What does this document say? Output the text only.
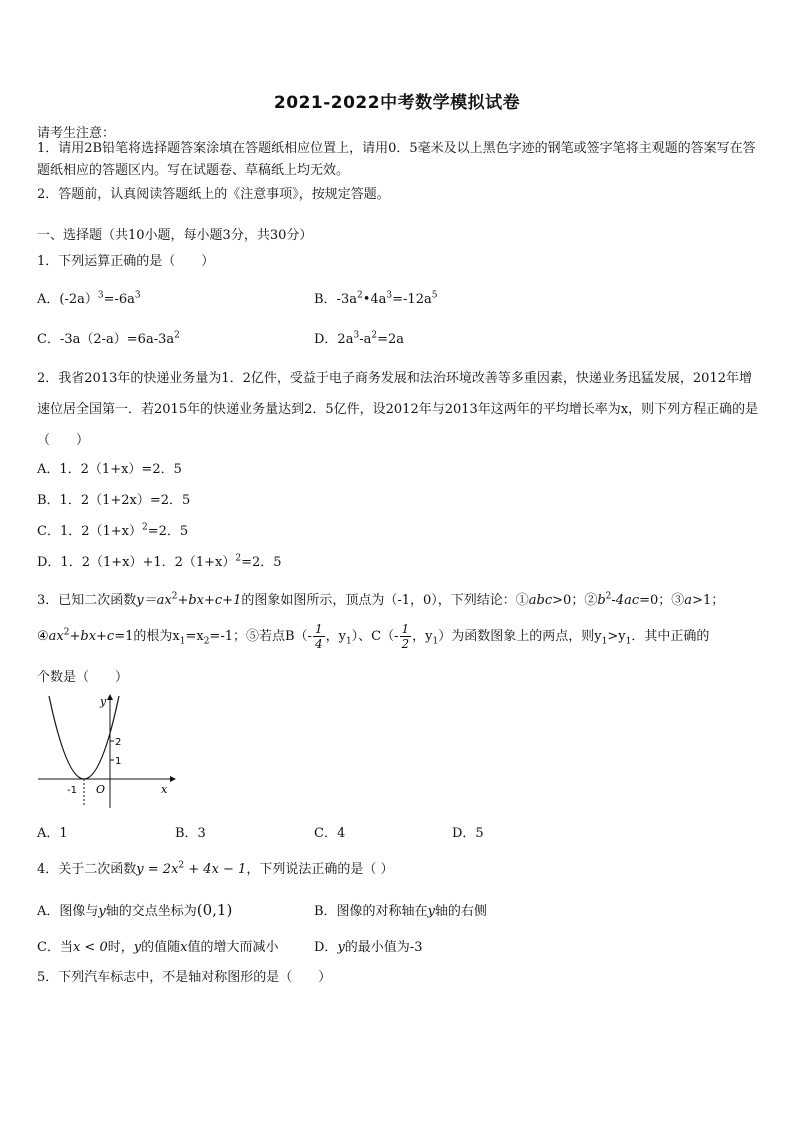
2021-2022中考数学模拟试卷
请考生注意：
1．请用2B铅笔将选择题答案涂填在答题纸相应位置上，请用0．5毫米及以上黑色字迹的钢笔或签字笔将主观题的答案写在答题纸相应的答题区内。写在试题卷、草稿纸上均无效。
2．答题前，认真阅读答题纸上的《注意事项》，按规定答题。
一、选择题（共10小题，每小题3分，共30分）
1．下列运算正确的是（　　）
A．$(-2a)^3=-6a^3$	B．$-3a^2•4a^3=-12a^5$
C．$-3a(2-a)=6a-3a^2$	D．$2a^3-a^2=2a$
2．我省2013年的快递业务量为1．2亿件，受益于电子商务发展和法治环境改善等多重因素，快递业务迅猛发展，2012年增速位居全国第一．若2015年的快递业务量达到2．5亿件，设2012年与2013年这两年的平均增长率为x，则下列方程正确的是（　　）
A．1．2（1+x）=2．5
B．1．2（1+2x）=2．5
C．1．$2(1+x)^2=2$．5
D．1．2（1+x）+1．$2(1+x)^2=2$．5
3．已知二次函数$y=ax^2+bx+c+1$的图象如图所示，顶点为（-1，0），下列结论：①abc>0；$②b^2-4ac=0$；③a>1；
$④ax^2+bx+c=1$的根为$x_1=x_2=-1$；⑤若点$B(- \frac{1}{4}$ ，$y_1$）、$C(- \frac{1}{2}$ ，$y_1$）为函数图象上的两点，则$y_1>y_1$．其中正确的
个数是（　　）
y
x
O
-1
2
1
A．1	B．3	C．4	D．5
4．关于二次函数$y = 2x^2 + 4x - 1$，下列说法正确的是（ ）
A．图像与y轴的交点坐标为(0,1)	B．图像的对称轴在y轴的右侧
C．当x < 0时，y的值随x值的增大而减小	D．y的最小值为-3
5．下列汽车标志中，不是轴对称图形的是（　　）
